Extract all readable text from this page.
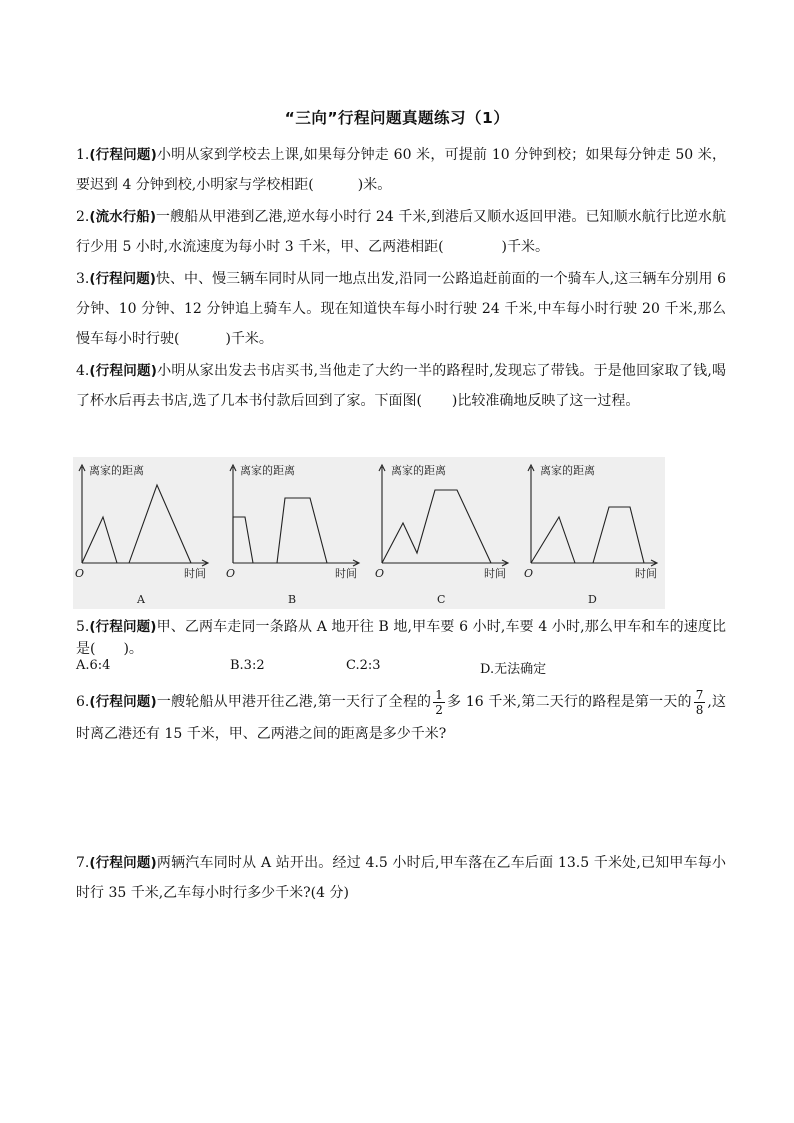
“三向”行程问题真题练习（1）
1.(行程问题)小明从家到学校去上课,如果每分钟走 60 米，可提前 10 分钟到校；如果每分钟走 50 米，要迟到 4 分钟到校,小明家与学校相距(	)米。
2.(流水行船)一艘船从甲港到乙港,逆水每小时行 24 千米,到港后又顺水返回甲港。已知顺水航行比逆水航行少用 5 小时,水流速度为每小时 3 千米，甲、乙两港相距(	)千米。
3.(行程问题)快、中、慢三辆车同时从同一地点出发,沿同一公路追赶前面的一个骑车人,这三辆车分别用 6 分钟、10 分钟、12 分钟追上骑车人。现在知道快车每小时行驶 24 千米,中车每小时行驶 20 千米,那么慢车每小时行驶(	)千米。
4.(行程问题)小明从家出发去书店买书,当他走了大约一半的路程时,发现忘了带钱。于是他回家取了钱,喝了杯水后再去书店,选了几本书付款后回到了家。下面图( )比较准确地反映了这一过程。
离家的距离	离家的距离	离家的距离	离家的距离
时间	时间	时间	时间
O	O	O	O
A	B	C	D
5.(行程问题)甲、乙两车走同一条路从 A 地开往 B 地,甲车要 6 小时,车要 4 小时,那么甲车和车的速度比是( )。
A.6:4	B.3:2	C.2:3	D.无法确定
6.(行程问题)一艘轮船从甲港开往乙港,第一天行了全程的 $\frac{1}{2}$ 多 16 千米,第二天行的路程是第一天的 $\frac{7}{8}$ ,这时离乙港还有 15 千米，甲、乙两港之间的距离是多少千米?
7.(行程问题)两辆汽车同时从 A 站开出。经过 4.5 小时后,甲车落在乙车后面 13.5 千米处,已知甲车每小时行 35 千米,乙车每小时行多少千米?(4 分)
